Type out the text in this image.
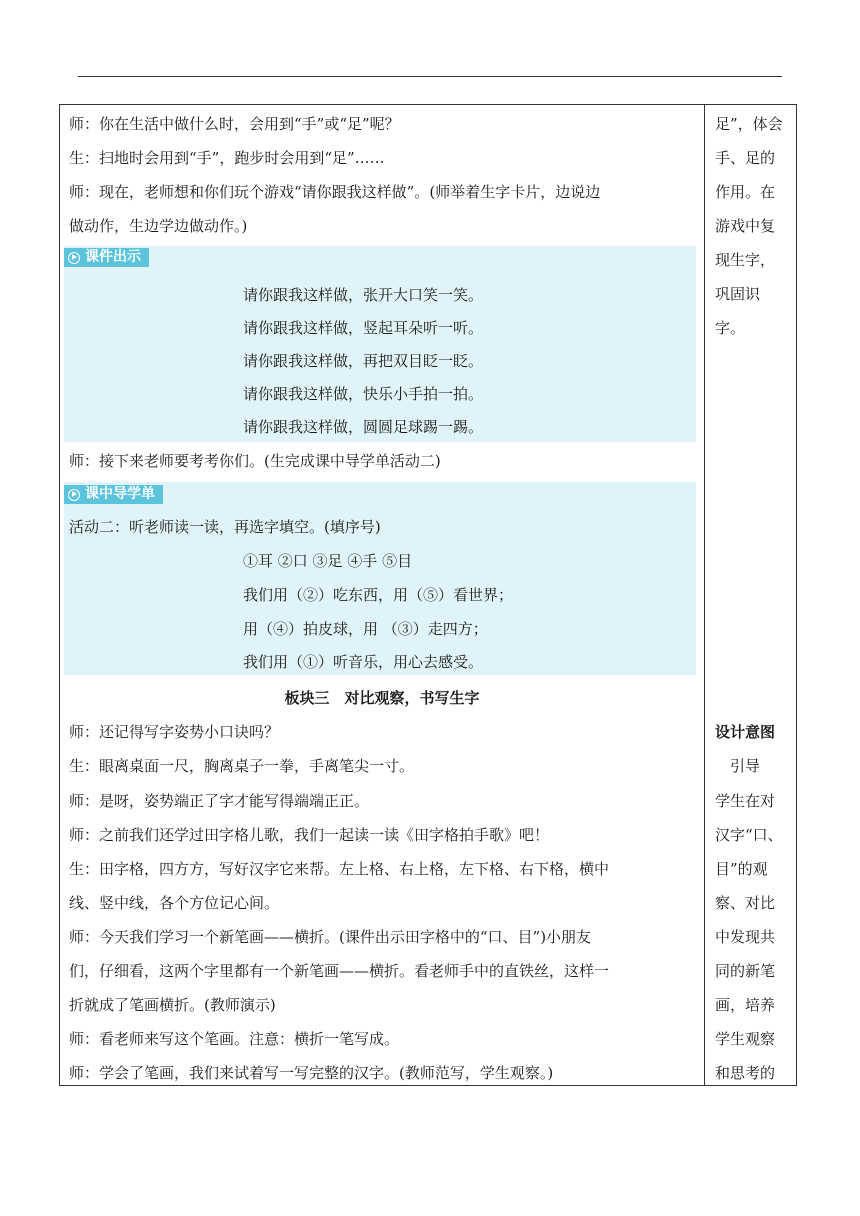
师：你在生活中做什么时，会用到“手”或“足”呢？
生：扫地时会用到“手”，跑步时会用到“足”……
师：现在，老师想和你们玩个游戏“请你跟我这样做”。(师举着生字卡片，边说边
做动作，生边学边做动作。)
课件出示
请你跟我这样做，张开大口笑一笑。
请你跟我这样做，竖起耳朵听一听。
请你跟我这样做，再把双目眨一眨。
请你跟我这样做，快乐小手拍一拍。
请你跟我这样做，圆圆足球踢一踢。
师：接下来老师要考考你们。(生完成课中导学单活动二)
课中导学单
活动二：听老师读一读，再选字填空。(填序号)
①耳 ②口 ③足 ④手 ⑤目
我们用（②）吃东西，用（⑤）看世界；
用（④）拍皮球，用 （③）走四方；
我们用（①）听音乐，用心去感受。
板块三　对比观察，书写生字
师：还记得写字姿势小口诀吗？
生：眼离桌面一尺，胸离桌子一拳，手离笔尖一寸。
师：是呀，姿势端正了字才能写得端端正正。
师：之前我们还学过田字格儿歌，我们一起读一读《田字格拍手歌》吧！
生：田字格，四方方，写好汉字它来帮。左上格、右上格，左下格、右下格，横中
线、竖中线，各个方位记心间。
师：今天我们学习一个新笔画——横折。(课件出示田字格中的“口、目”)小朋友
们，仔细看，这两个字里都有一个新笔画——横折。看老师手中的直铁丝，这样一
折就成了笔画横折。(教师演示)
师：看老师来写这个笔画。注意：横折一笔写成。
师：学会了笔画，我们来试着写一写完整的汉字。(教师范写，学生观察。)
足”，体会
手、足的
作用。在
游戏中复
现生字，
巩固识
字。
设计意图
　引导
学生在对
汉字“口、
目”的观
察、对比
中发现共
同的新笔
画，培养
学生观察
和思考的
